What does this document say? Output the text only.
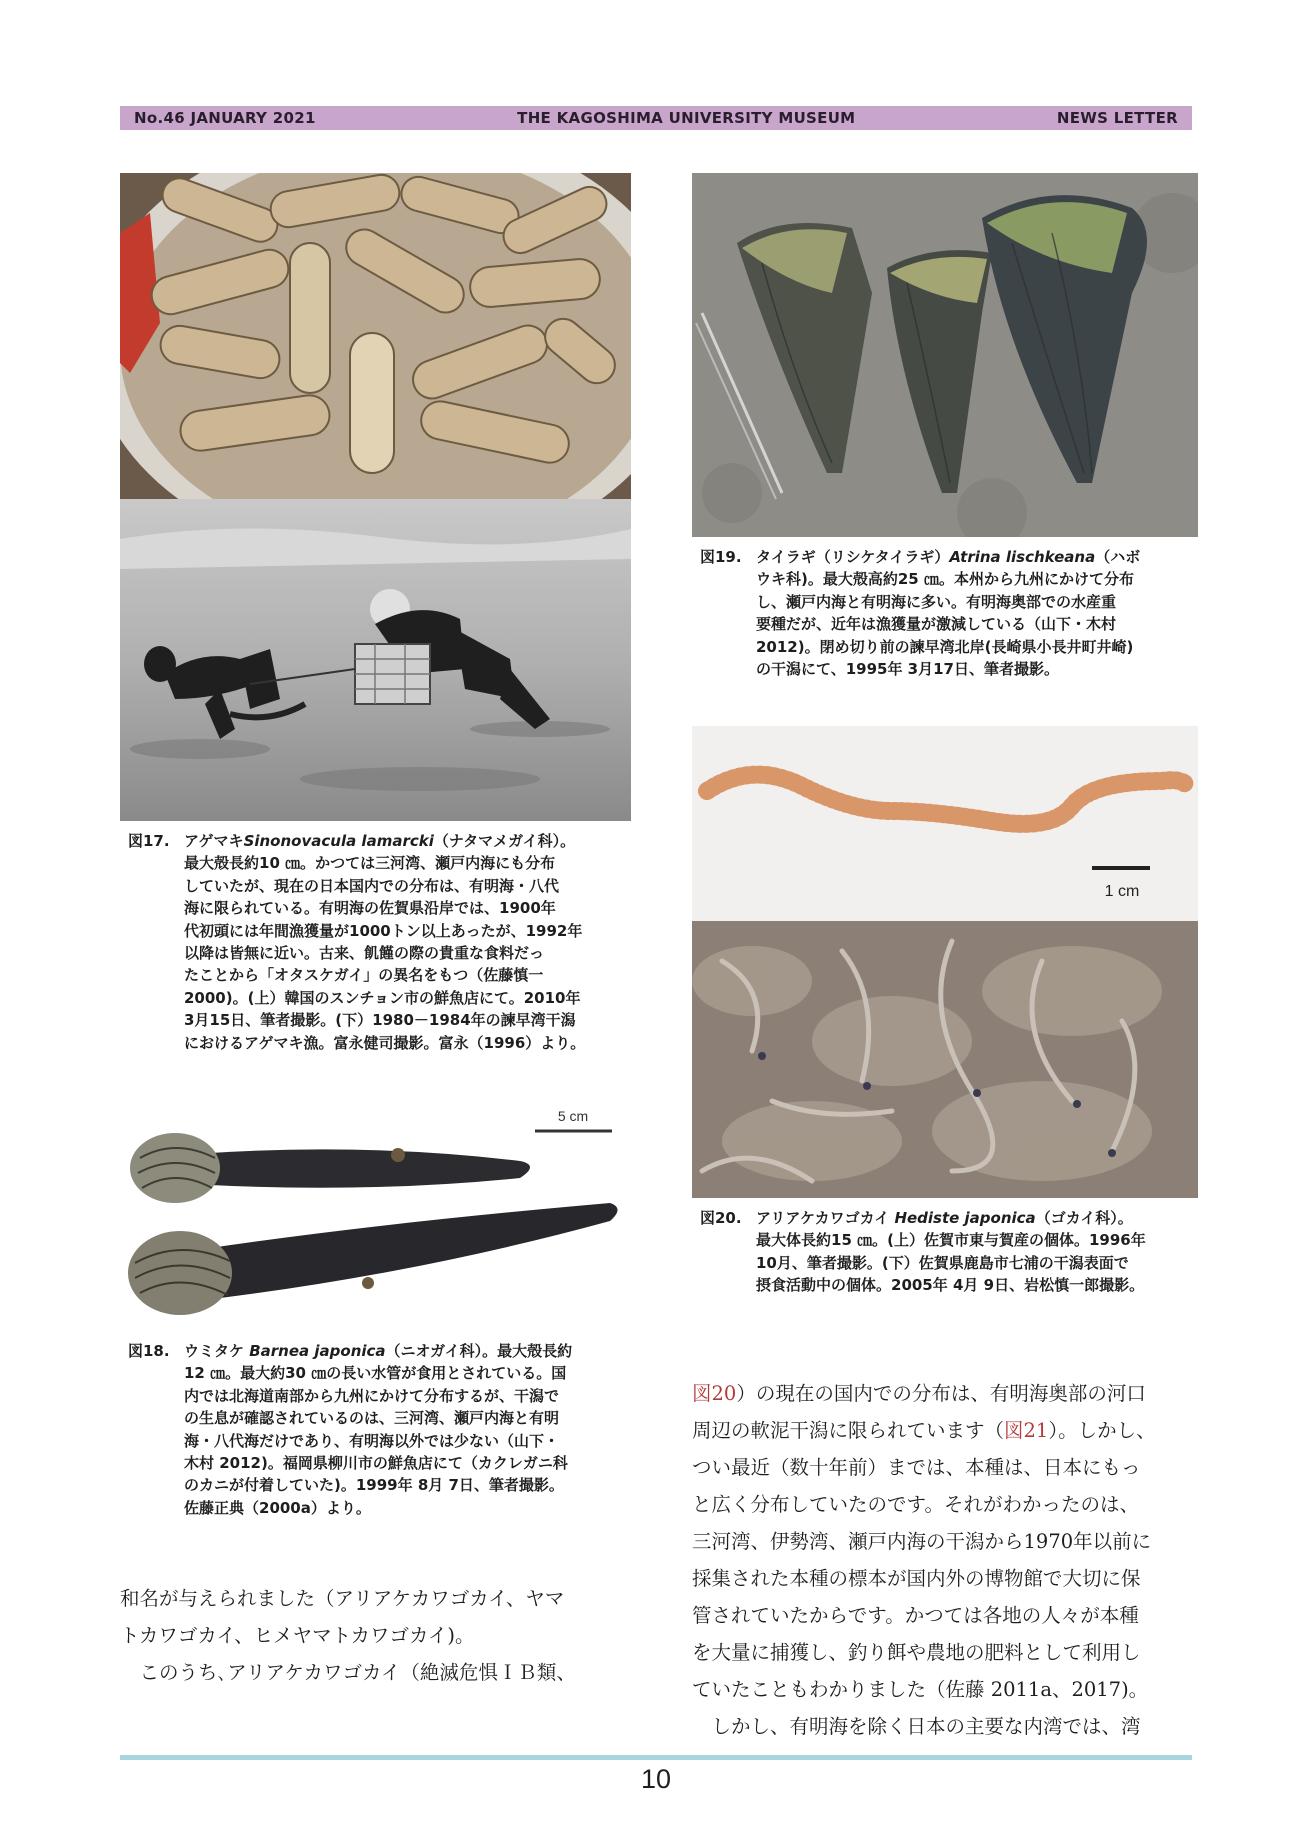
No.46 JANUARY 2021	THE KAGOSHIMA UNIVERSITY MUSEUM	NEWS LETTER
図17. アゲマキSinonovacula lamarcki（ナタマメガイ科）。
最大殻長約10 ㎝。かつては三河湾、瀬戸内海にも分布
していたが、現在の日本国内での分布は、有明海・八代
海に限られている。有明海の佐賀県沿岸では、1900年
代初頭には年間漁獲量が1000トン以上あったが、1992年
以降は皆無に近い。古来、飢饉の際の貴重な食料だっ
たことから「オタスケガイ」の異名をもつ（佐藤慎一
2000)。(上）韓国のスンチョン市の鮮魚店にて。2010年
3月15日、筆者撮影。(下）1980－1984年の諫早湾干潟
におけるアゲマキ漁。富永健司撮影。富永（1996）より。
5 cm
図18. ウミタケ Barnea japonica（ニオガイ科）。最大殻長約
12 ㎝。最大約30 ㎝の長い水管が食用とされている。国
内では北海道南部から九州にかけて分布するが、干潟で
の生息が確認されているのは、三河湾、瀬戸内海と有明
海・八代海だけであり、有明海以外では少ない（山下・
木村 2012)。福岡県柳川市の鮮魚店にて（カクレガニ科
のカニが付着していた)。1999年 8月 7日、筆者撮影。
佐藤正典（2000a）より。
図19. タイラギ（リシケタイラギ）Atrina lischkeana（ハボ
ウキ科)。最大殻高約25 ㎝。本州から九州にかけて分布
し、瀬戸内海と有明海に多い。有明海奥部での水産重
要種だが、近年は漁獲量が激減している（山下・木村
2012)。閉め切り前の諫早湾北岸(長崎県小長井町井崎)
の干潟にて、1995年 3月17日、筆者撮影。
1 cm
図20. アリアケカワゴカイ Hediste japonica（ゴカイ科）。
最大体長約15 ㎝。(上）佐賀市東与賀産の個体。1996年
10月、筆者撮影。(下）佐賀県鹿島市七浦の干潟表面で
摂食活動中の個体。2005年 4月 9日、岩松慎一郎撮影。
和名が与えられました（アリアケカワゴカイ、ヤマ
トカワゴカイ、ヒメヤマトカワゴカイ)。
　このうち､アリアケカワゴカイ（絶滅危惧ＩＢ類、
図20）の現在の国内での分布は、有明海奥部の河口
周辺の軟泥干潟に限られています（図21）。しかし、
つい最近（数十年前）までは、本種は、日本にもっ
と広く分布していたのです。それがわかったのは、
三河湾、伊勢湾、瀬戸内海の干潟から1970年以前に
採集された本種の標本が国内外の博物館で大切に保
管されていたからです。かつては各地の人々が本種
を大量に捕獲し、釣り餌や農地の肥料として利用し
ていたこともわかりました（佐藤 2011a、2017)。
　しかし、有明海を除く日本の主要な内湾では、湾
10
